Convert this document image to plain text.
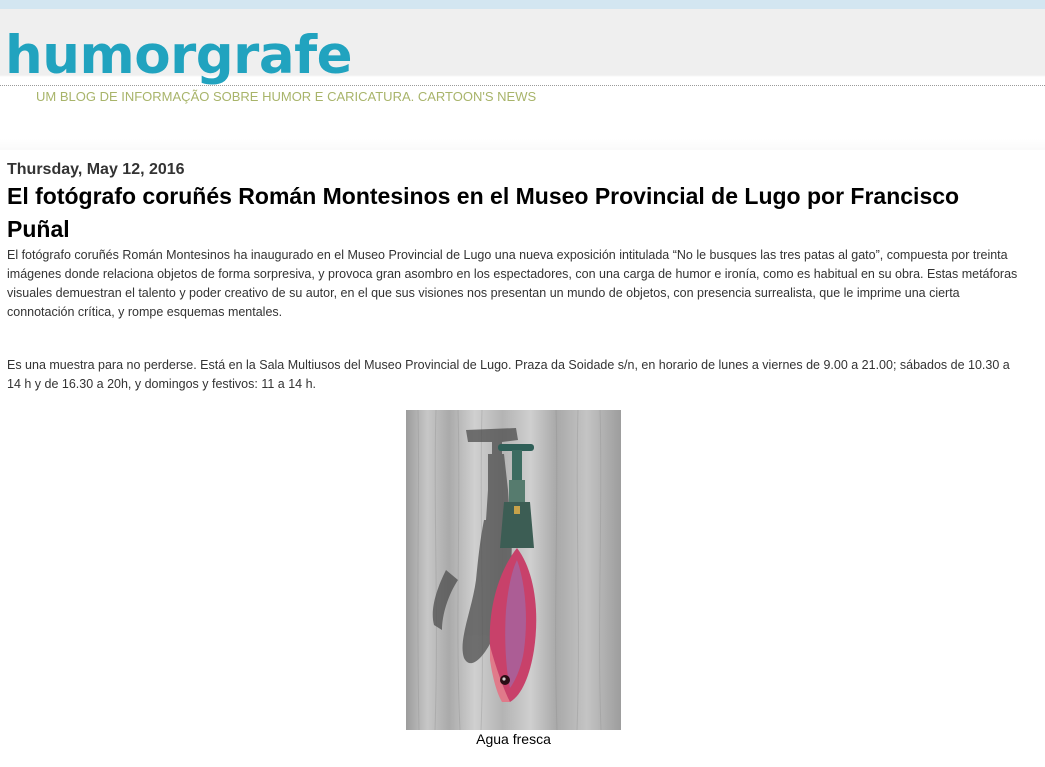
humorgrafe
UM BLOG DE INFORMAÇÃO SOBRE HUMOR E CARICATURA. CARTOON'S NEWS
Thursday, May 12, 2016
El fotógrafo coruñés Román Montesinos en el Museo Provincial de Lugo por Francisco Puñal

El fotógrafo coruñés Román Montesinos ha inaugurado en el Museo Provincial de Lugo una nueva exposición intitulada “No le busques las tres patas al gato”, compuesta por treinta imágenes donde relaciona objetos de forma sorpresiva, y provoca gran asombro en los espectadores, con una carga de humor e ironía, como es habitual en su obra. Estas metáforas visuales demuestran el talento y poder creativo de su autor, en el que sus visiones nos presentan un mundo de objetos, con presencia surrealista, que le imprime una cierta connotación crítica, y rompe esquemas mentales.

Es una muestra para no perderse. Está en la Sala Multiusos del Museo Provincial de Lugo. Praza da Soidade s/n, en horario de lunes a viernes de 9.00 a 21.00; sábados de 10.30 a 14 h y de 16.30 a 20h, y domingos y festivos: 11 a 14 h.

Agua fresca
